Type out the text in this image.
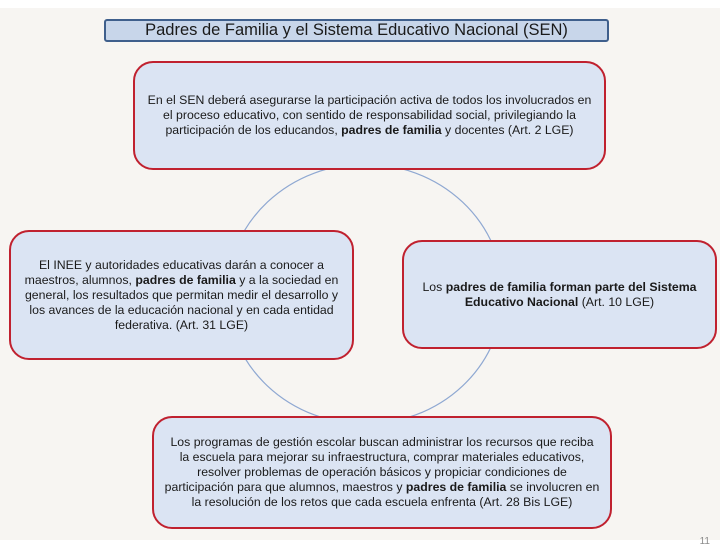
Padres de Familia y el Sistema Educativo Nacional (SEN)
En el SEN deberá asegurarse la participación activa de todos los involucrados en el proceso educativo, con sentido de responsabilidad social, privilegiando la participación de los educandos, padres de familia y docentes (Art. 2 LGE)
El INEE y autoridades educativas darán a conocer a maestros, alumnos, padres de familia y a la sociedad en general, los resultados que permitan medir el desarrollo y los avances de la educación nacional y en cada entidad federativa. (Art. 31 LGE)
Los padres de familia forman parte del Sistema Educativo Nacional (Art. 10 LGE)
Los programas de gestión escolar buscan administrar los recursos que reciba la escuela para mejorar su infraestructura, comprar materiales educativos, resolver problemas de operación básicos y propiciar condiciones de participación para que alumnos, maestros y padres de familia se involucren en la resolución de los retos que cada escuela enfrenta (Art. 28 Bis LGE)
11
